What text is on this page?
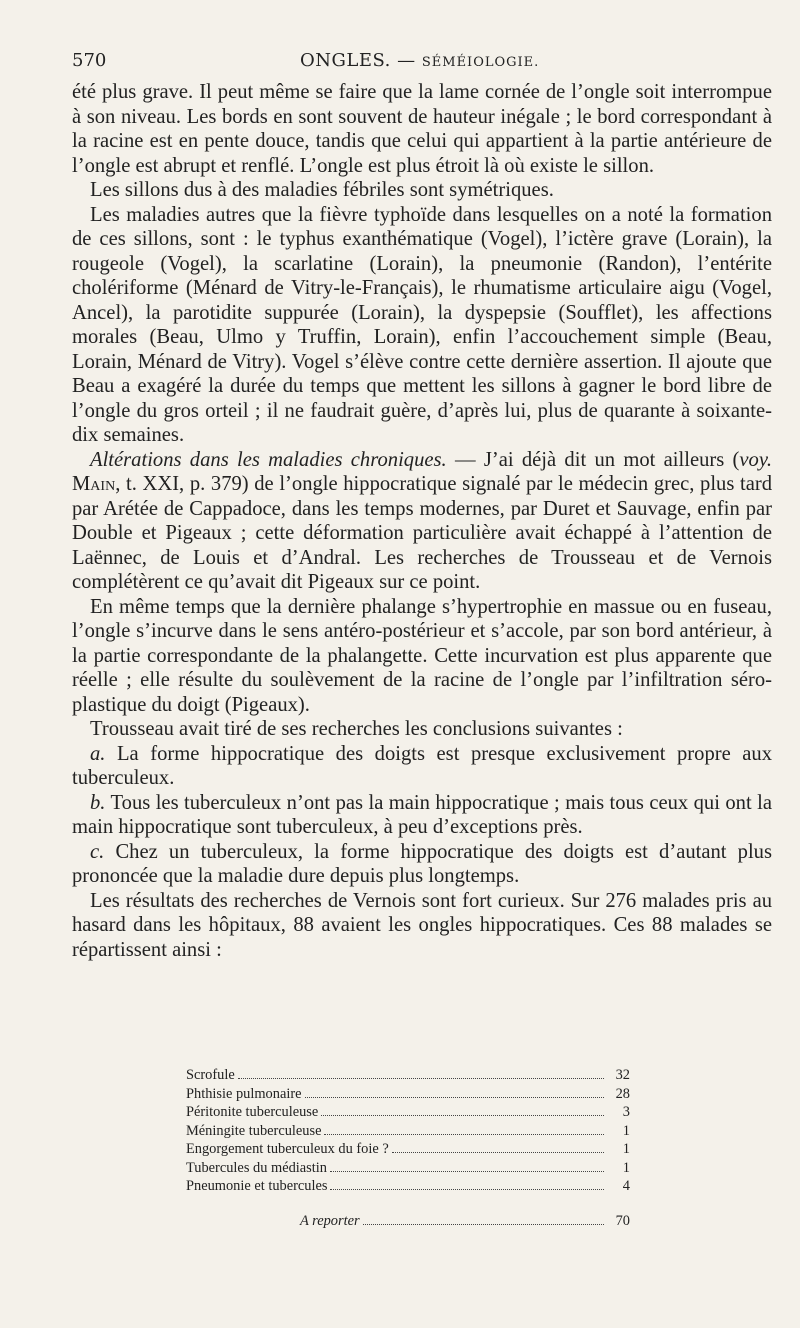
570	ONGLES. — SÉMÉIOLOGIE.

été plus grave. Il peut même se faire que la lame cornée de l’ongle soit interrompue à son niveau. Les bords en sont souvent de hauteur inégale ; le bord correspondant à la racine est en pente douce, tandis que celui qui appartient à la partie antérieure de l’ongle est abrupt et renflé. L’ongle est plus étroit là où existe le sillon.

Les sillons dus à des maladies fébriles sont symétriques.

Les maladies autres que la fièvre typhoïde dans lesquelles on a noté la formation de ces sillons, sont : le typhus exanthématique (Vogel), l’ictère grave (Lorain), la rougeole (Vogel), la scarlatine (Lorain), la pneumonie (Randon), l’entérite cholériforme (Ménard de Vitry-le-Français), le rhumatisme articulaire aigu (Vogel, Ancel), la parotidite suppurée (Lorain), la dyspepsie (Soufflet), les affections morales (Beau, Ulmo y Truffin, Lorain), enfin l’accouchement simple (Beau, Lorain, Ménard de Vitry). Vogel s’élève contre cette dernière assertion. Il ajoute que Beau a exagéré la durée du temps que mettent les sillons à gagner le bord libre de l’ongle du gros orteil ; il ne faudrait guère, d’après lui, plus de quarante à soixante-dix semaines.

Altérations dans les maladies chroniques. — J’ai déjà dit un mot ailleurs (voy. Main, t. XXI, p. 379) de l’ongle hippocratique signalé par le médecin grec, plus tard par Arétée de Cappadoce, dans les temps modernes, par Duret et Sauvage, enfin par Double et Pigeaux ; cette déformation particulière avait échappé à l’attention de Laënnec, de Louis et d’Andral. Les recherches de Trousseau et de Vernois complétèrent ce qu’avait dit Pigeaux sur ce point.

En même temps que la dernière phalange s’hypertrophie en massue ou en fuseau, l’ongle s’incurve dans le sens antéro-postérieur et s’accole, par son bord antérieur, à la partie correspondante de la phalangette. Cette incurvation est plus apparente que réelle ; elle résulte du soulèvement de la racine de l’ongle par l’infiltration séro-plastique du doigt (Pigeaux).

Trousseau avait tiré de ses recherches les conclusions suivantes :

a. La forme hippocratique des doigts est presque exclusivement propre aux tuberculeux.

b. Tous les tuberculeux n’ont pas la main hippocratique ; mais tous ceux qui ont la main hippocratique sont tuberculeux, à peu d’exceptions près.

c. Chez un tuberculeux, la forme hippocratique des doigts est d’autant plus prononcée que la maladie dure depuis plus longtemps.

Les résultats des recherches de Vernois sont fort curieux. Sur 276 malades pris au hasard dans les hôpitaux, 88 avaient les ongles hippocratiques. Ces 88 malades se répartissent ainsi :

Scrofule	32
Phthisie pulmonaire	28
Péritonite tuberculeuse	3
Méningite tuberculeuse	1
Engorgement tuberculeux du foie ?	1
Tubercules du médiastin	1
Pneumonie et tubercules	4
A reporter	70
